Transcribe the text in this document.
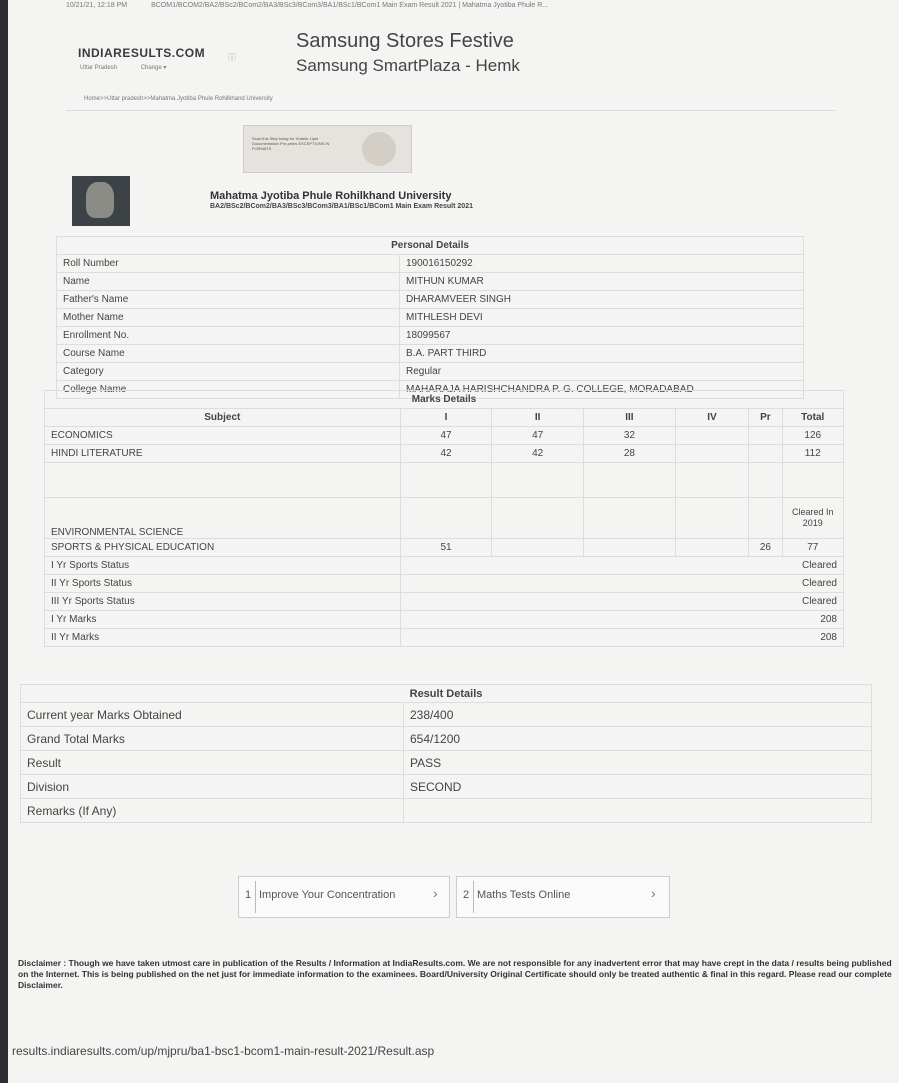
10/21/21, 12:18 PM	BCOM1/BCOM2/BA2/BSc2/BCom2/BA3/BSc3/BCom3/BA1/BSc1/BCom1 Main Exam Result 2021 | Mahatma Jyotiba Phule R...
INDIARESULTS.COM
Uttar Pradesh	Change ▾
ⓘ
Samsung Stores Festive
Samsung SmartPlaza - Hemk
Home>>Uttar pradesh>>Mahatma Jyotiba Phule Rohilkhand University
Scan this Step today for Holistic Lipid Documentation Pre-prints EXCEPTIONS IN FORMATS
Mahatma Jyotiba Phule Rohilkhand University
BA2/BSc2/BCom2/BA3/BSc3/BCom3/BA1/BSc1/BCom1 Main Exam Result 2021
Personal Details	
Roll Number	190016150292
Name	MITHUN KUMAR
Father's Name	DHARAMVEER SINGH
Mother Name	MITHLESH DEVI
Enrollment No.	18099567
Course Name	B.A. PART THIRD
Category	Regular
College Name	MAHARAJA HARISHCHANDRA P. G. COLLEGE, MORADABAD
Marks Details						
Subject	I	II	III	IV	Pr	Total
ECONOMICS	47	47	32			126
HINDI LITERATURE	42	42	28			112

ENVIRONMENTAL SCIENCE						Cleared In 2019
SPORTS & PHYSICAL EDUCATION	51				26	77
I Yr Sports Status	Cleared					
II Yr Sports Status	Cleared					
III Yr Sports Status	Cleared					
I Yr Marks	208					
II Yr Marks	208					
Result Details	
Current year Marks Obtained	238/400
Grand Total Marks	654/1200
Result	PASS
Division	SECOND
Remarks (If Any)	
1 Improve Your Concentration	› 2 Maths Tests Online	›
Disclaimer : Though we have taken utmost care in publication of the Results / Information at IndiaResults.com. We are not responsible for any inadvertent error that may have crept in the data / results being published on the Internet. This is being published on the net just for immediate information to the examinees. Board/University Original Certificate should only be treated authentic & final in this regard. Please read our complete Disclaimer.
results.indiaresults.com/up/mjpru/ba1-bsc1-bcom1-main-result-2021/Result.asp
